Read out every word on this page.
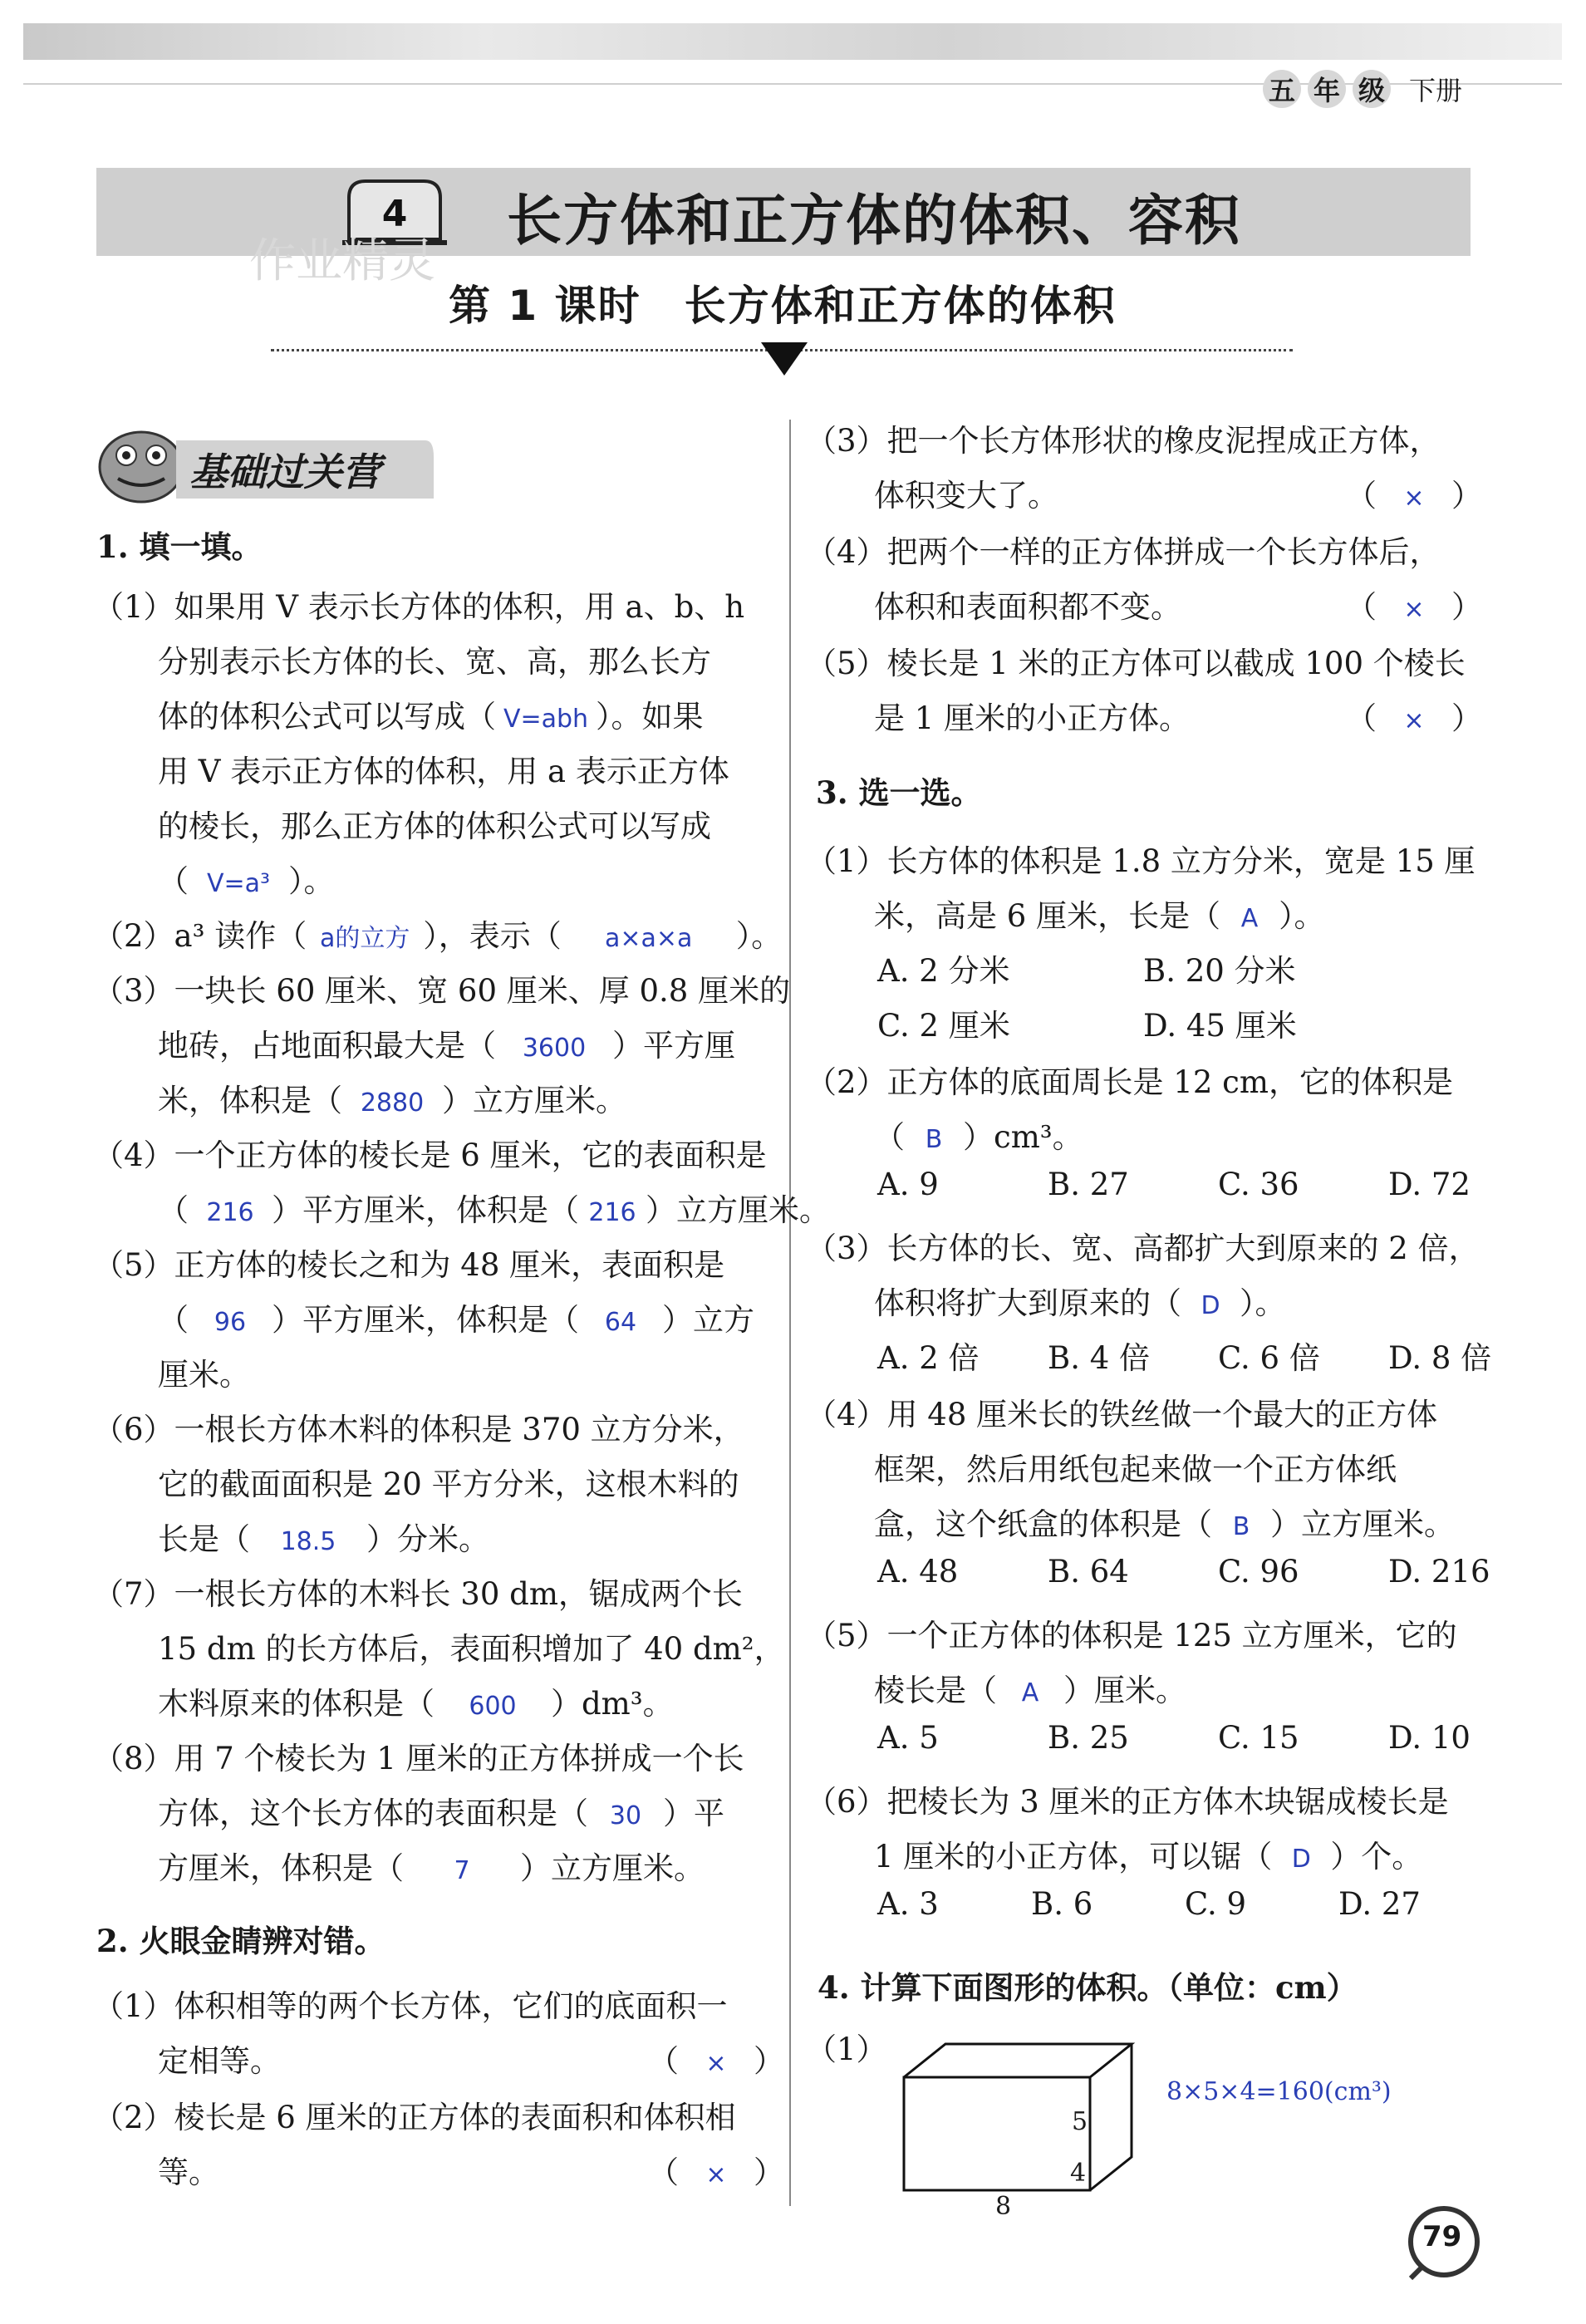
五 年 级 下册
4 长方体和正方体的体积、容积
作业精灵
第 1 课时　长方体和正方体的体积
基础过关营
1. 填一填。
（1）如果用 V 表示长方体的体积，用 a、b、h
分别表示长方体的长、宽、高，那么长方
体的体积公式可以写成（ V=abh ）。如果
用 V 表示正方体的体积，用 a 表示正方体
的棱长，那么正方体的体积公式可以写成
（ V=a³ ）。
（2）a³ 读作（ a的立方 ），表示（ a×a×a ）。
（3）一块长 60 厘米、宽 60 厘米、厚 0.8 厘米的
地砖，占地面积最大是（ 3600 ）平方厘
米，体积是（ 2880 ）立方厘米。
（4）一个正方体的棱长是 6 厘米，它的表面积是
（ 216 ）平方厘米，体积是（ 216 ）立方厘米。
（5）正方体的棱长之和为 48 厘米，表面积是
（ 96 ）平方厘米，体积是（ 64 ）立方
厘米。
（6）一根长方体木料的体积是 370 立方分米，
它的截面面积是 20 平方分米，这根木料的
长是（ 18.5 ）分米。
（7）一根长方体的木料长 30 dm，锯成两个长
15 dm 的长方体后，表面积增加了 40 dm²，
木料原来的体积是（ 600 ）dm³。
（8）用 7 个棱长为 1 厘米的正方体拼成一个长
方体，这个长方体的表面积是（ 30 ）平
方厘米，体积是（ 7 ）立方厘米。
2. 火眼金睛辨对错。
（1）体积相等的两个长方体，它们的底面积一
定相等。	（ × ）
（2）棱长是 6 厘米的正方体的表面积和体积相
等。	（ × ）
（3）把一个长方体形状的橡皮泥捏成正方体，
体积变大了。	（ × ）
（4）把两个一样的正方体拼成一个长方体后，
体积和表面积都不变。	（ × ）
（5）棱长是 1 米的正方体可以截成 100 个棱长
是 1 厘米的小正方体。	（ × ）
3. 选一选。
（1）长方体的体积是 1.8 立方分米，宽是 15 厘
米，高是 6 厘米，长是（ A ）。
A. 2 分米	B. 20 分米
C. 2 厘米	D. 45 厘米
（2）正方体的底面周长是 12 cm，它的体积是
（ B ）cm³。
A. 9	B. 27	C. 36	D. 72
（3）长方体的长、宽、高都扩大到原来的 2 倍，
体积将扩大到原来的（ D ）。
A. 2 倍 B. 4 倍 C. 6 倍 D. 8 倍
（4）用 48 厘米长的铁丝做一个最大的正方体
框架，然后用纸包起来做一个正方体纸
盒，这个纸盒的体积是（ B ）立方厘米。
A. 48	B. 64	C. 96	D. 216
（5）一个正方体的体积是 125 立方厘米，它的
棱长是（ A ）厘米。
A. 5	B. 25	C. 15	D. 10
（6）把棱长为 3 厘米的正方体木块锯成棱长是
1 厘米的小正方体，可以锯（ D ）个。
A. 3	B. 6	C. 9	D. 27
4. 计算下面图形的体积。（单位：cm）
（1）
4
5
8
8×5×4=160(cm³)
79
